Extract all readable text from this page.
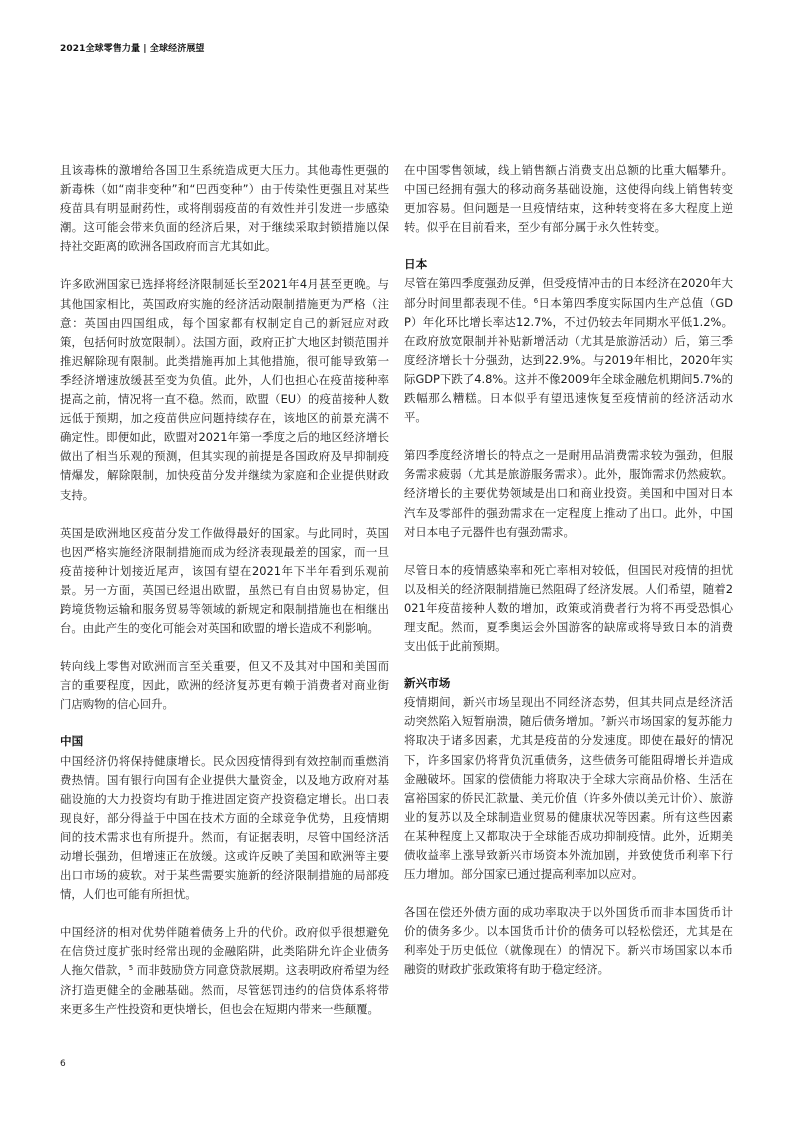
2021全球零售力量 | 全球经济展望

且该毒株的激增给各国卫生系统造成更大压力。其他毒性更强的新毒株（如“南非变种”和“巴西变种”）由于传染性更强且对某些疫苗具有明显耐药性，或将削弱疫苗的有效性并引发进一步感染潮。这可能会带来负面的经济后果，对于继续采取封锁措施以保持社交距离的欧洲各国政府而言尤其如此。

许多欧洲国家已选择将经济限制延长至2021年4月甚至更晚。与其他国家相比，英国政府实施的经济活动限制措施更为严格（注意：英国由四国组成，每个国家都有权制定自己的新冠应对政策，包括何时放宽限制）。法国方面，政府正扩大地区封锁范围并推迟解除现有限制。此类措施再加上其他措施，很可能导致第一季经济增速放缓甚至变为负值。此外，人们也担心在疫苗接种率提高之前，情况将一直不稳。然而，欧盟（EU）的疫苗接种人数远低于预期，加之疫苗供应问题持续存在，该地区的前景充满不确定性。即便如此，欧盟对2021年第一季度之后的地区经济增长做出了相当乐观的预测，但其实现的前提是各国政府及早抑制疫情爆发，解除限制，加快疫苗分发并继续为家庭和企业提供财政支持。

英国是欧洲地区疫苗分发工作做得最好的国家。与此同时，英国也因严格实施经济限制措施而成为经济表现最差的国家，而一旦疫苗接种计划接近尾声，该国有望在2021年下半年看到乐观前景。另一方面，英国已经退出欧盟，虽然已有自由贸易协定，但跨境货物运输和服务贸易等领域的新规定和限制措施也在相继出台。由此产生的变化可能会对英国和欧盟的增长造成不利影响。

转向线上零售对欧洲而言至关重要，但又不及其对中国和美国而言的重要程度，因此，欧洲的经济复苏更有赖于消费者对商业街门店购物的信心回升。

中国

中国经济仍将保持健康增长。民众因疫情得到有效控制而重燃消费热情。国有银行向国有企业提供大量资金，以及地方政府对基础设施的大力投资均有助于推进固定资产投资稳定增长。出口表现良好，部分得益于中国在技术方面的全球竞争优势，且疫情期间的技术需求也有所提升。然而，有证据表明，尽管中国经济活动增长强劲，但增速正在放缓。这或许反映了美国和欧洲等主要出口市场的疲软。对于某些需要实施新的经济限制措施的局部疫情，人们也可能有所担忧。

中国经济的相对优势伴随着债务上升的代价。政府似乎很想避免在信贷过度扩张时经常出现的金融陷阱，此类陷阱允许企业债务人拖欠借款，$^5$ 而非鼓励贷方同意贷款展期。这表明政府希望为经济打造更健全的金融基础。然而，尽管惩罚违约的信贷体系将带来更多生产性投资和更快增长，但也会在短期内带来一些颠覆。

在中国零售领域，线上销售额占消费支出总额的比重大幅攀升。中国已经拥有强大的移动商务基础设施，这使得向线上销售转变更加容易。但问题是一旦疫情结束，这种转变将在多大程度上逆转。似乎在目前看来，至少有部分属于永久性转变。

日本

尽管在第四季度强劲反弹，但受疫情冲击的日本经济在2020年大部分时间里都表现不佳。$^6$日本第四季度实际国内生产总值（GDP）年化环比增长率达12.7%，不过仍较去年同期水平低1.2%。在政府放宽限制并补贴新增活动（尤其是旅游活动）后，第三季度经济增长十分强劲，达到22.9%。与2019年相比，2020年实际GDP下跌了4.8%。这并不像2009年全球金融危机期间5.7%的跌幅那么糟糕。日本似乎有望迅速恢复至疫情前的经济活动水平。

第四季度经济增长的特点之一是耐用品消费需求较为强劲，但服务需求疲弱（尤其是旅游服务需求）。此外，服饰需求仍然疲软。经济增长的主要优势领域是出口和商业投资。美国和中国对日本汽车及零部件的强劲需求在一定程度上推动了出口。此外，中国对日本电子元器件也有强劲需求。

尽管日本的疫情感染率和死亡率相对较低，但国民对疫情的担忧以及相关的经济限制措施已然阻碍了经济发展。人们希望，随着2021年疫苗接种人数的增加，政策或消费者行为将不再受恐惧心理支配。然而，夏季奥运会外国游客的缺席或将导致日本的消费支出低于此前预期。

新兴市场

疫情期间，新兴市场呈现出不同经济态势，但其共同点是经济活动突然陷入短暂崩溃，随后债务增加。$^7$新兴市场国家的复苏能力将取决于诸多因素，尤其是疫苗的分发速度。即使在最好的情况下，许多国家仍将背负沉重债务，这些债务可能阻碍增长并造成金融破坏。国家的偿债能力将取决于全球大宗商品价格、生活在富裕国家的侨民汇款量、美元价值（许多外债以美元计价）、旅游业的复苏以及全球制造业贸易的健康状况等因素。所有这些因素在某种程度上又都取决于全球能否成功抑制疫情。此外，近期美债收益率上涨导致新兴市场资本外流加剧，并致使货币利率下行压力增加。部分国家已通过提高利率加以应对。

各国在偿还外债方面的成功率取决于以外国货币而非本国货币计价的债务多少。以本国货币计价的债务可以轻松偿还，尤其是在利率处于历史低位（就像现在）的情况下。新兴市场国家以本币融资的财政扩张政策将有助于稳定经济。

6
